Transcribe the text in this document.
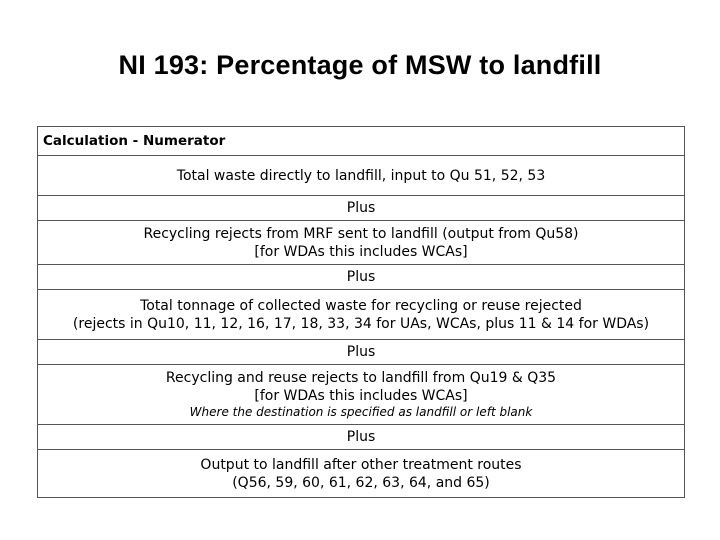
NI 193: Percentage of MSW to landfill
Calculation - Numerator
Total waste directly to landfill, input to Qu 51, 52, 53
Plus
Recycling rejects from MRF sent to landfill (output from Qu58)
[for WDAs this includes WCAs]
Plus
Total tonnage of collected waste for recycling or reuse rejected
(rejects in Qu10, 11, 12, 16, 17, 18, 33, 34 for UAs, WCAs, plus 11 & 14 for WDAs)
Plus
Recycling and reuse rejects to landfill from Qu19 & Q35
[for WDAs this includes WCAs]
Where the destination is specified as landfill or left blank
Plus
Output to landfill after other treatment routes
(Q56, 59, 60, 61, 62, 63, 64, and 65)
